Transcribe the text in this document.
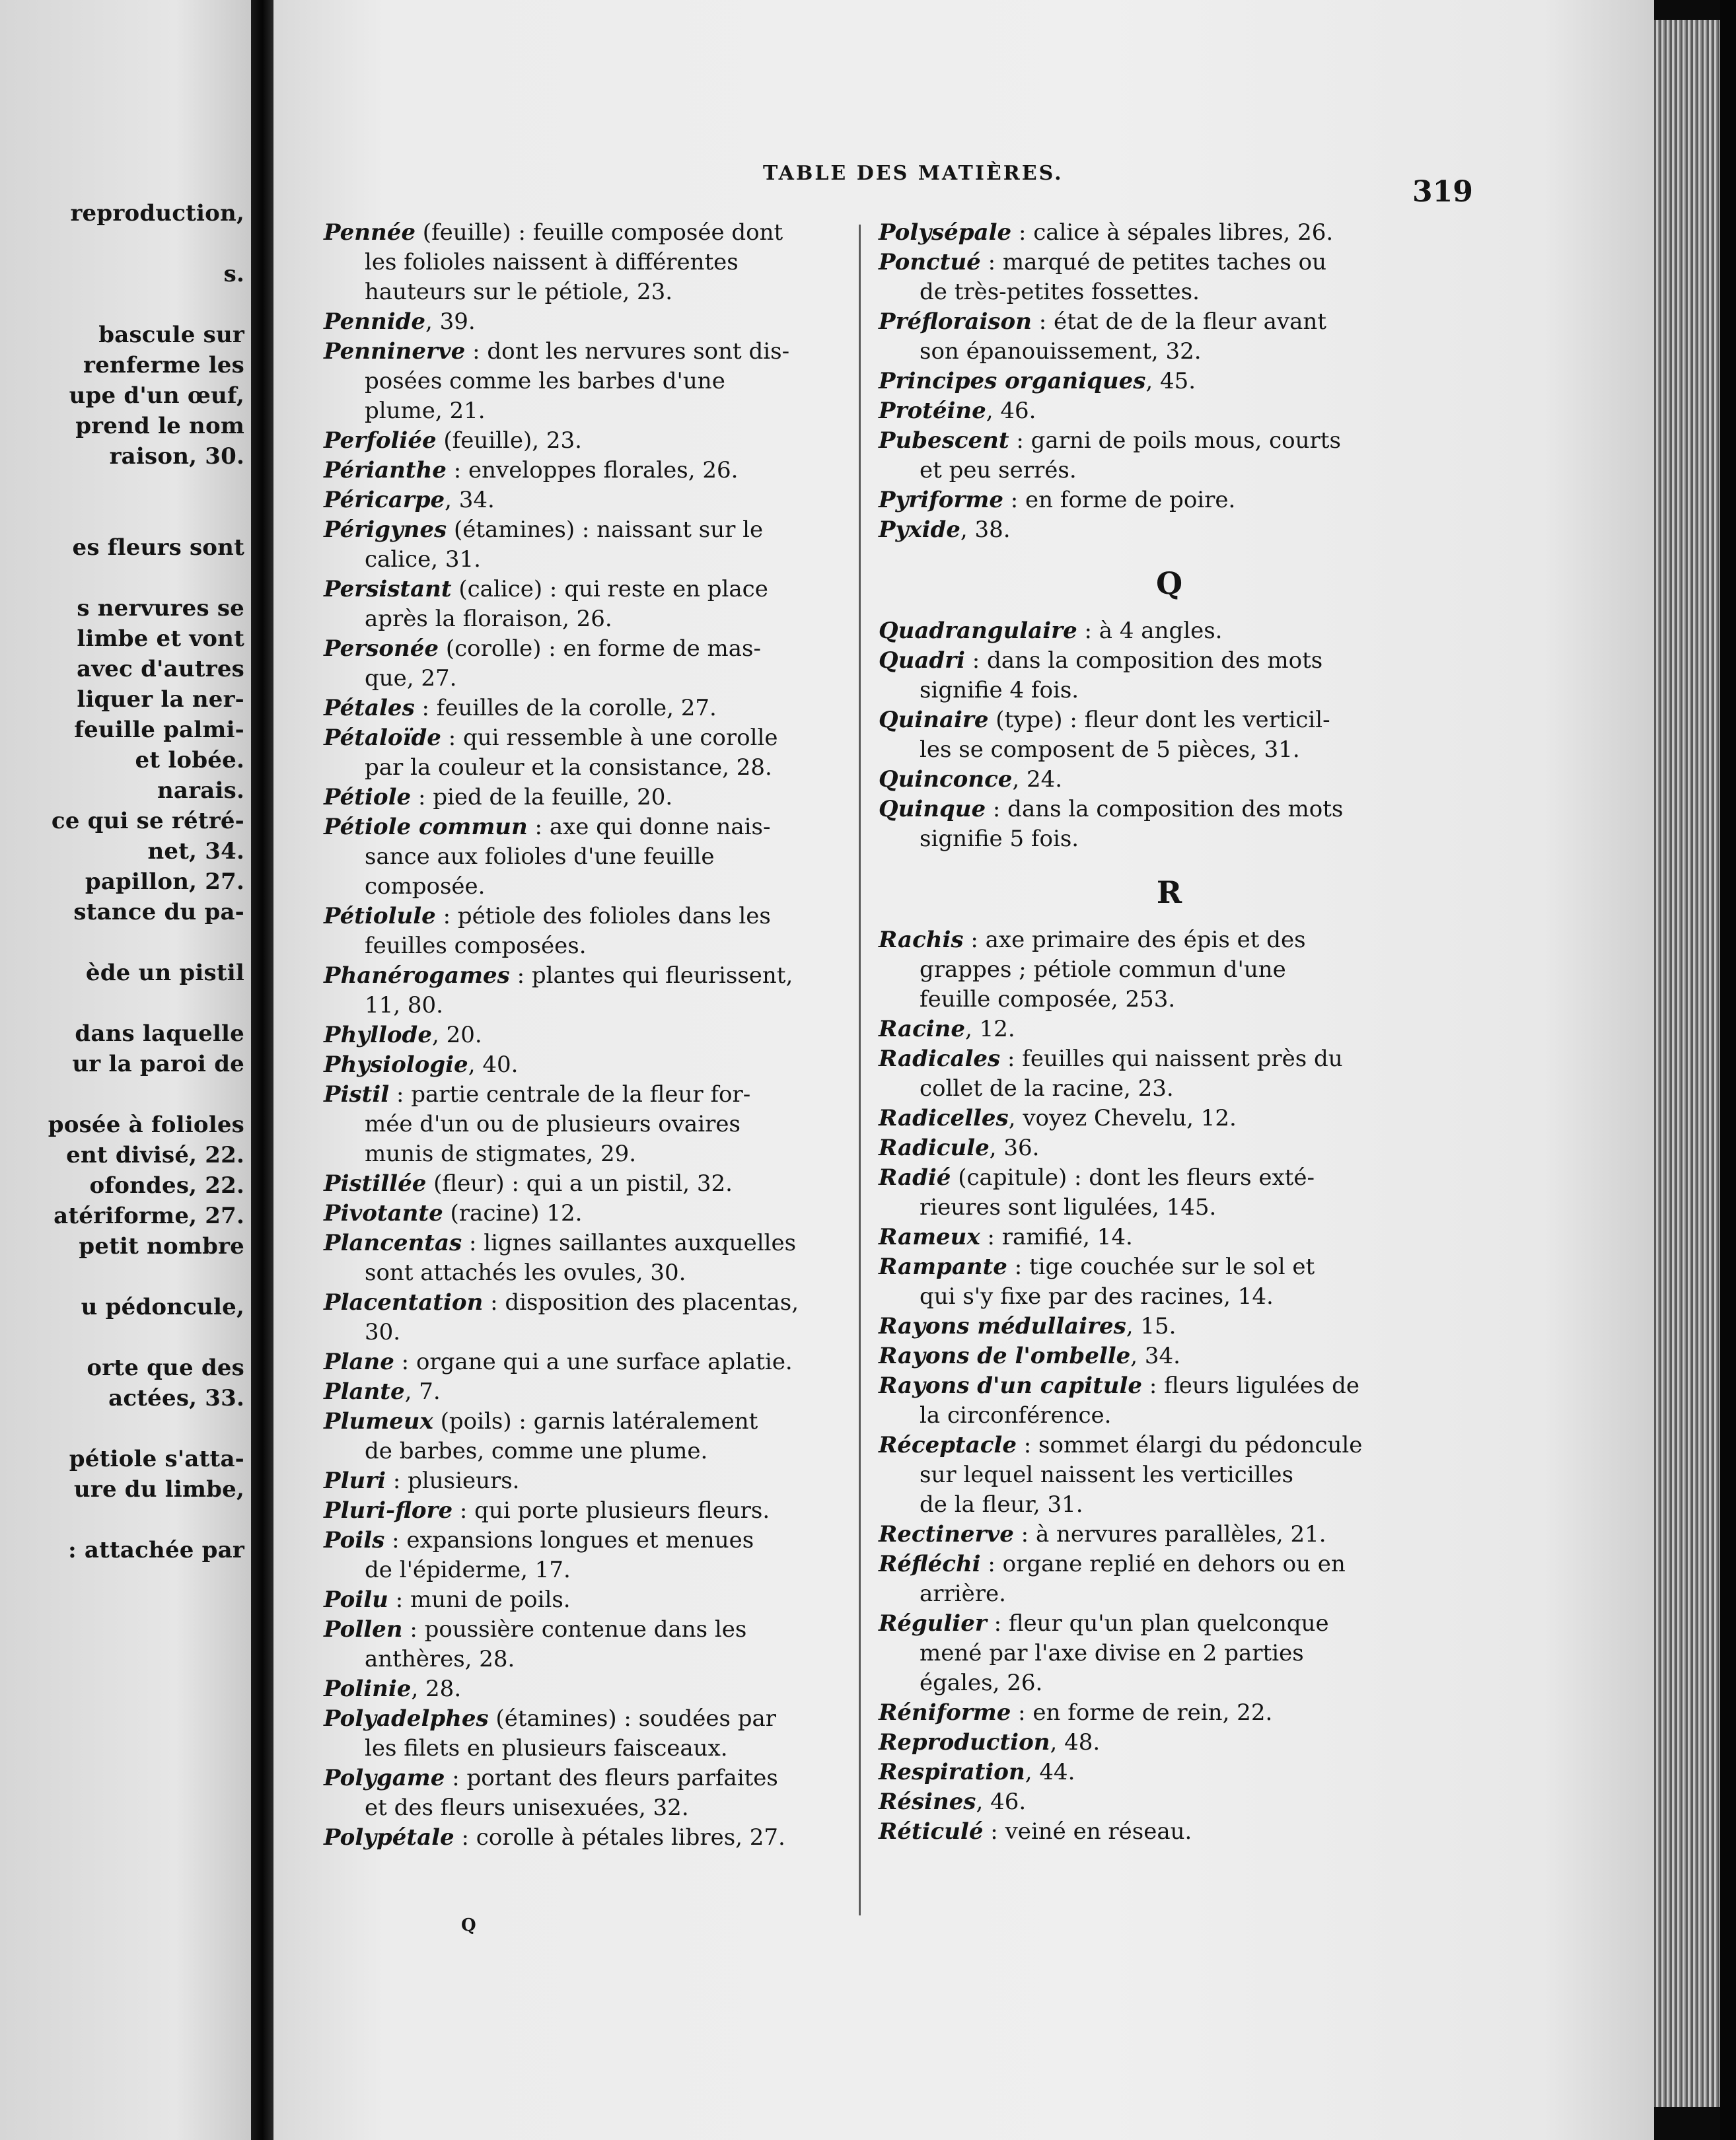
reproduction,
s.
bascule sur
renferme les
upe d'un œuf,
prend le nom
raison, 30.
es fleurs sont
s nervures se
limbe et vont
avec d'autres
liquer la ner-
feuille palmi-
et lobée.
narais.
ce qui se rétré-
net, 34.
papillon, 27.
stance du pa-
ède un pistil
dans laquelle
ur la paroi de
posée à folioles
ent divisé, 22.
ofondes, 22.
atériforme, 27.
petit nombre
u pédoncule,
orte que des
actées, 33.
pétiole s'atta-
ure du limbe,
: attachée par
TABLE DES MATIÈRES.
319

Pennée (feuille) : feuille composée dont

les folioles naissent à différentes

hauteurs sur le pétiole, 23.

Pennide, 39.

Penninerve : dont les nervures sont dis-

posées comme les barbes d'une

plume, 21.

Perfoliée (feuille), 23.

Périanthe : enveloppes florales, 26.

Péricarpe, 34.

Périgynes (étamines) : naissant sur le

calice, 31.

Persistant (calice) : qui reste en place

après la floraison, 26.

Personée (corolle) : en forme de mas-

que, 27.

Pétales : feuilles de la corolle, 27.

Pétaloïde : qui ressemble à une corolle

par la couleur et la consistance, 28.

Pétiole : pied de la feuille, 20.

Pétiole commun : axe qui donne nais-

sance aux folioles d'une feuille

composée.

Pétiolule : pétiole des folioles dans les

feuilles composées.

Phanérogames : plantes qui fleurissent,

11, 80.

Phyllode, 20.

Physiologie, 40.

Pistil : partie centrale de la fleur for-

mée d'un ou de plusieurs ovaires

munis de stigmates, 29.

Pistillée (fleur) : qui a un pistil, 32.

Pivotante (racine) 12.

Plancentas : lignes saillantes auxquelles

sont attachés les ovules, 30.

Placentation : disposition des placentas,

30.

Plane : organe qui a une surface aplatie.

Plante, 7.

Plumeux (poils) : garnis latéralement

de barbes, comme une plume.

Pluri : plusieurs.

Pluri-flore : qui porte plusieurs fleurs.

Poils : expansions longues et menues

de l'épiderme, 17.

Poilu : muni de poils.

Pollen : poussière contenue dans les

anthères, 28.

Polinie, 28.

Polyadelphes (étamines) : soudées par

les filets en plusieurs faisceaux.

Polygame : portant des fleurs parfaites

et des fleurs unisexuées, 32.

Polypétale : corolle à pétales libres, 27.

Polysépale : calice à sépales libres, 26.

Ponctué : marqué de petites taches ou

de très-petites fossettes.

Préfloraison : état de de la fleur avant

son épanouissement, 32.

Principes organiques, 45.

Protéine, 46.

Pubescent : garni de poils mous, courts

et peu serrés.

Pyriforme : en forme de poire.

Pyxide, 38.

Q

Quadrangulaire : à 4 angles.

Quadri : dans la composition des mots

signifie 4 fois.

Quinaire (type) : fleur dont les verticil-

les se composent de 5 pièces, 31.

Quinconce, 24.

Quinque : dans la composition des mots

signifie 5 fois.

R

Rachis : axe primaire des épis et des

grappes ; pétiole commun d'une

feuille composée, 253.

Racine, 12.

Radicales : feuilles qui naissent près du

collet de la racine, 23.

Radicelles, voyez Chevelu, 12.

Radicule, 36.

Radié (capitule) : dont les fleurs exté-

rieures sont ligulées, 145.

Rameux : ramifié, 14.

Rampante : tige couchée sur le sol et

qui s'y fixe par des racines, 14.

Rayons médullaires, 15.

Rayons de l'ombelle, 34.

Rayons d'un capitule : fleurs ligulées de

la circonférence.

Réceptacle : sommet élargi du pédoncule

sur lequel naissent les verticilles

de la fleur, 31.

Rectinerve : à nervures parallèles, 21.

Réfléchi : organe replié en dehors ou en

arrière.

Régulier : fleur qu'un plan quelconque

mené par l'axe divise en 2 parties

égales, 26.

Réniforme : en forme de rein, 22.

Reproduction, 48.

Respiration, 44.

Résines, 46.

Réticulé : veiné en réseau.

Q
